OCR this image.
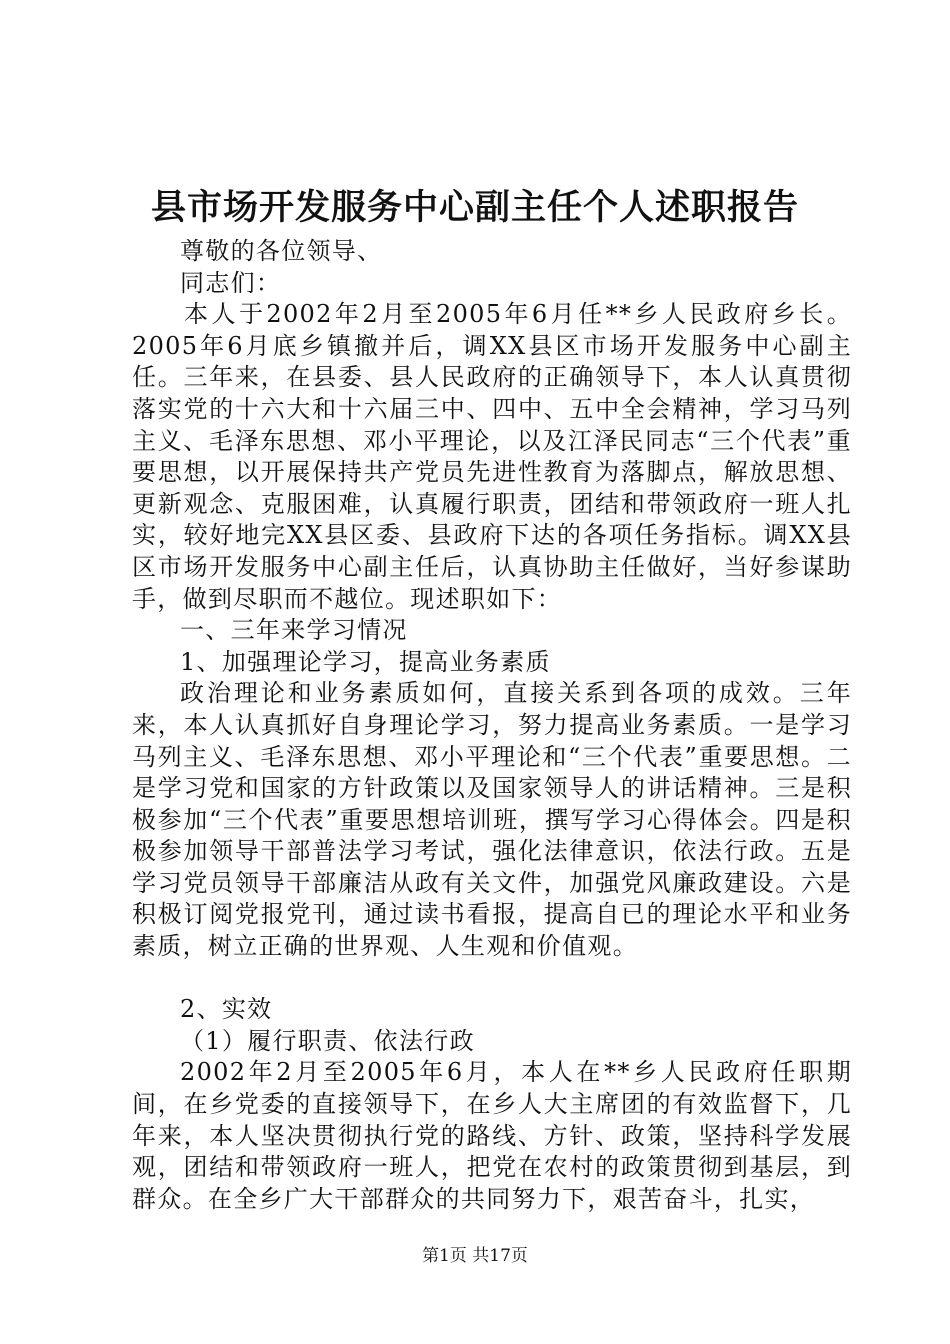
县市场开发服务中心副主任个人述职报告

尊敬的各位领导、

同志们：

本人于2002年2月至2005年6月任**乡人民政府乡长。2005年6月底乡镇撤并后，调XX县区市场开发服务中心副主任。三年来，在县委、县人民政府的正确领导下，本人认真贯彻落实党的十六大和十六届三中、四中、五中全会精神，学习马列主义、毛泽东思想、邓小平理论，以及江泽民同志“三个代表”重要思想，以开展保持共产党员先进性教育为落脚点，解放思想、更新观念、克服困难，认真履行职责，团结和带领政府一班人扎实，较好地完XX县区委、县政府下达的各项任务指标。调XX县区市场开发服务中心副主任后，认真协助主任做好，当好参谋助手，做到尽职而不越位。现述职如下：

一、三年来学习情况

1、加强理论学习，提高业务素质

政治理论和业务素质如何，直接关系到各项的成效。三年来，本人认真抓好自身理论学习，努力提高业务素质。一是学习马列主义、毛泽东思想、邓小平理论和“三个代表”重要思想。二是学习党和国家的方针政策以及国家领导人的讲话精神。三是积极参加“三个代表”重要思想培训班，撰写学习心得体会。四是积极参加领导干部普法学习考试，强化法律意识，依法行政。五是学习党员领导干部廉洁从政有关文件，加强党风廉政建设。六是积极订阅党报党刊，通过读书看报，提高自已的理论水平和业务素质，树立正确的世界观、人生观和价值观。

2、实效

（1）履行职责、依法行政

2002年2月至2005年6月，本人在**乡人民政府任职期间，在乡党委的直接领导下，在乡人大主席团的有效监督下，几年来，本人坚决贯彻执行党的路线、方针、政策，坚持科学发展观，团结和带领政府一班人，把党在农村的政策贯彻到基层，到群众。在全乡广大干部群众的共同努力下，艰苦奋斗，扎实，

第1页 共17页
